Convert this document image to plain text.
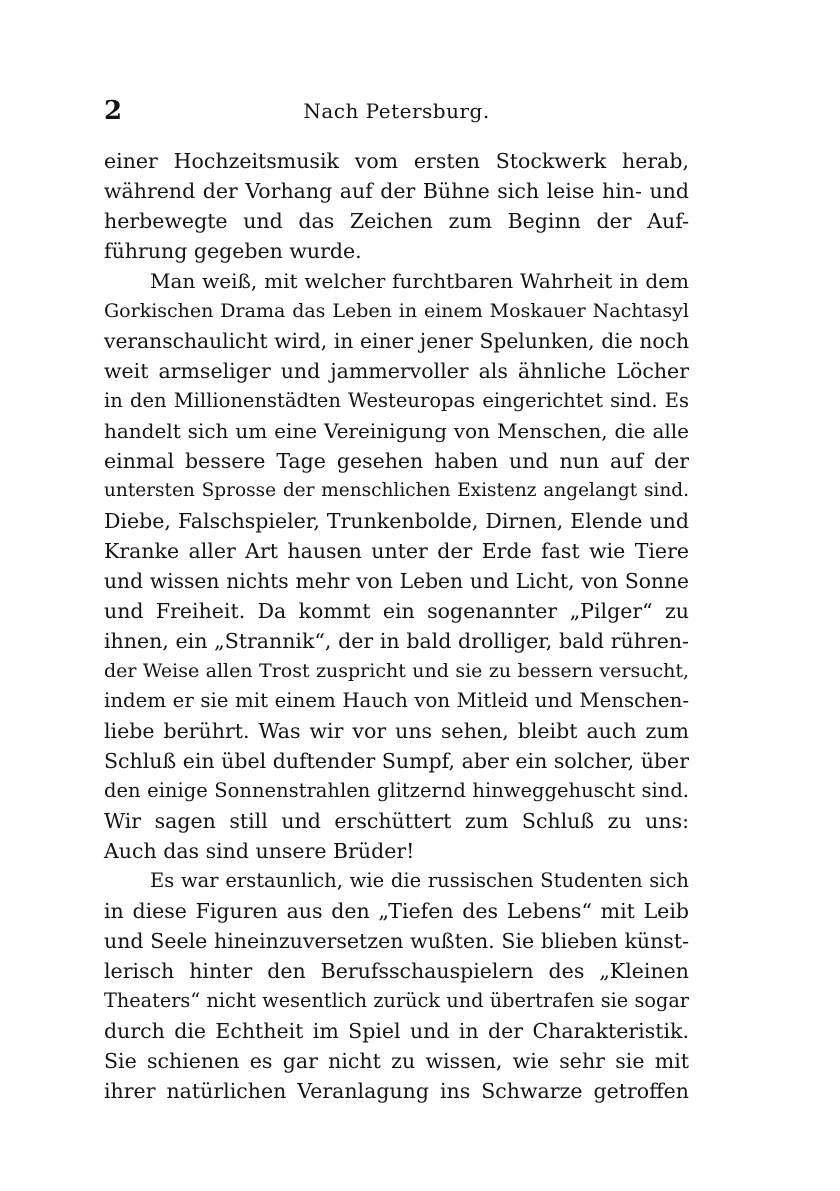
2	Nach Petersburg.
einer Hochzeitsmusik vom ersten Stockwerk herab,
während der Vorhang auf der Bühne sich leise hin- und
herbewegte und das Zeichen zum Beginn der Auf-
führung gegeben wurde.
Man weiß, mit welcher furchtbaren Wahrheit in dem
Gorkischen Drama das Leben in einem Moskauer Nachtasyl
veranschaulicht wird, in einer jener Spelunken, die noch
weit armseliger und jammervoller als ähnliche Löcher
in den Millionenstädten Westeuropas eingerichtet sind. Es
handelt sich um eine Vereinigung von Menschen, die alle
einmal bessere Tage gesehen haben und nun auf der
untersten Sprosse der menschlichen Existenz angelangt sind.
Diebe, Falschspieler, Trunkenbolde, Dirnen, Elende und
Kranke aller Art hausen unter der Erde fast wie Tiere
und wissen nichts mehr von Leben und Licht, von Sonne
und Freiheit. Da kommt ein sogenannter „Pilger“ zu
ihnen, ein „Strannik“, der in bald drolliger, bald rühren-
der Weise allen Trost zuspricht und sie zu bessern versucht,
indem er sie mit einem Hauch von Mitleid und Menschen-
liebe berührt. Was wir vor uns sehen, bleibt auch zum
Schluß ein übel duftender Sumpf, aber ein solcher, über
den einige Sonnenstrahlen glitzernd hinweggehuscht sind.
Wir sagen still und erschüttert zum Schluß zu uns:
Auch das sind unsere Brüder!
Es war erstaunlich, wie die russischen Studenten sich
in diese Figuren aus den „Tiefen des Lebens“ mit Leib
und Seele hineinzuversetzen wußten. Sie blieben künst-
lerisch hinter den Berufsschauspielern des „Kleinen
Theaters“ nicht wesentlich zurück und übertrafen sie sogar
durch die Echtheit im Spiel und in der Charakteristik.
Sie schienen es gar nicht zu wissen, wie sehr sie mit
ihrer natürlichen Veranlagung ins Schwarze getroffen
